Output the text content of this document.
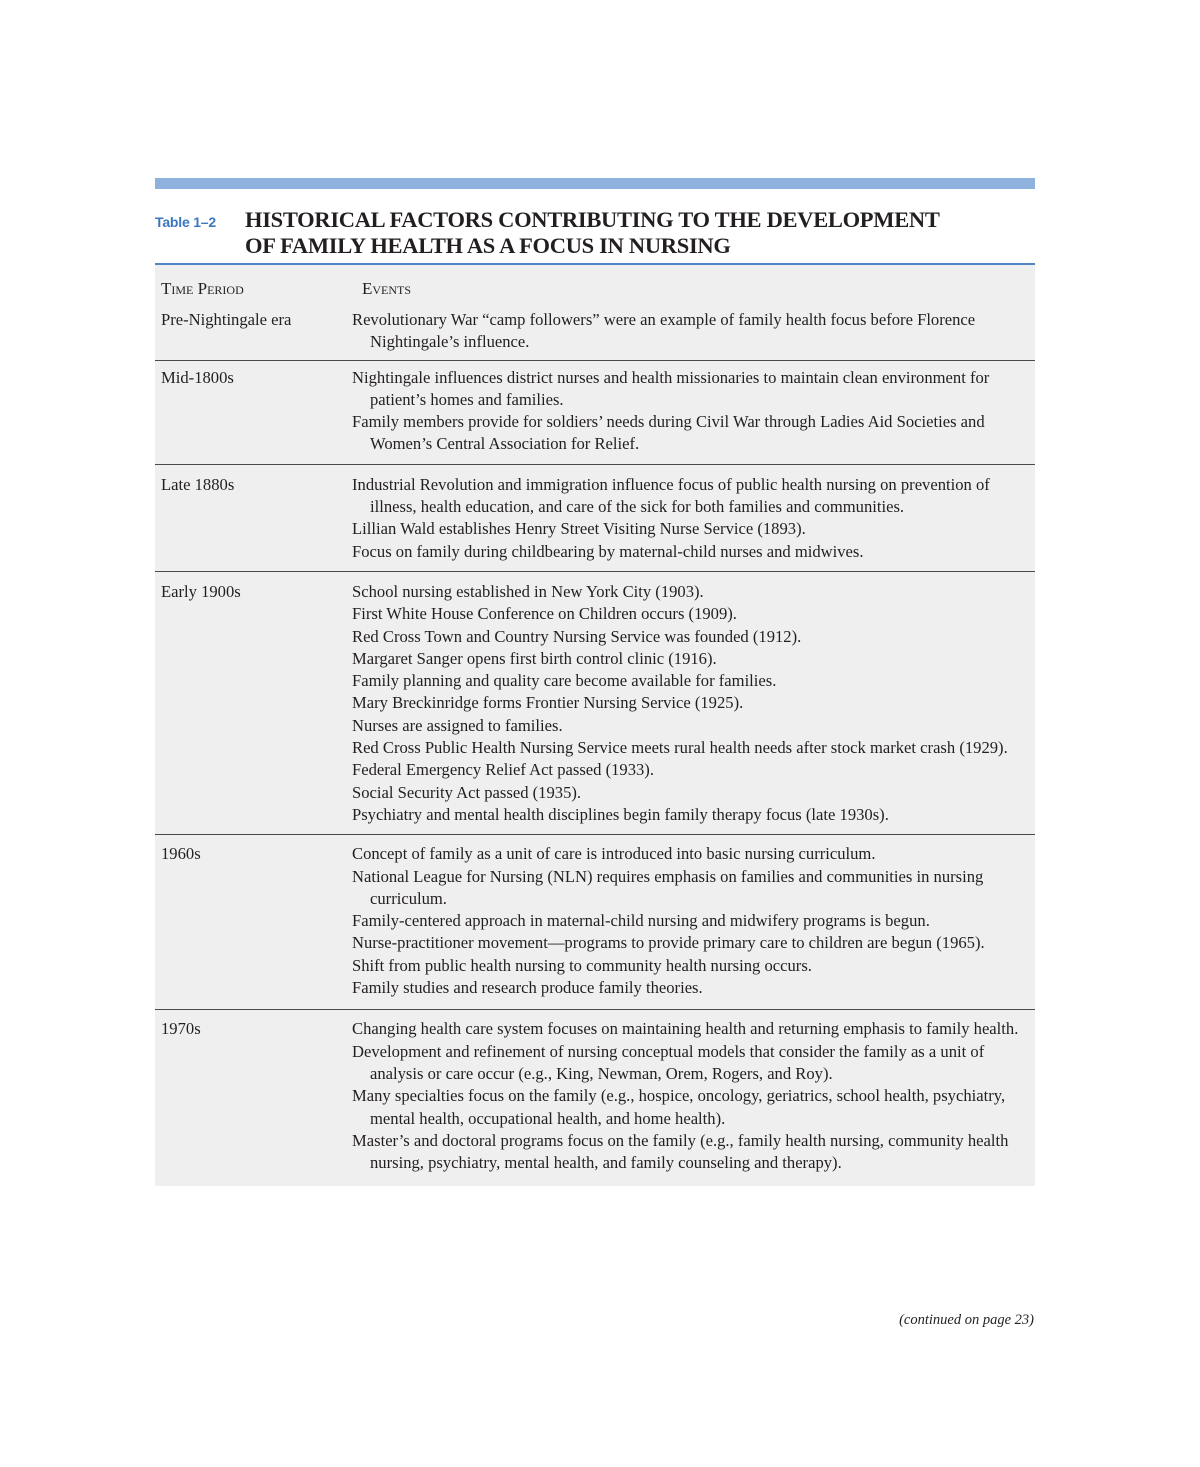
Table 1–2	HISTORICAL FACTORS CONTRIBUTING TO THE DEVELOPMENT
OF FAMILY HEALTH AS A FOCUS IN NURSING
Time Period	Events
Pre-Nightingale era	Revolutionary War “camp followers” were an example of family health focus before Florence Nightingale’s influence.
Mid-1800s	Nightingale influences district nurses and health missionaries to maintain clean environment for patient’s homes and families.
Family members provide for soldiers’ needs during Civil War through Ladies Aid Societies and Women’s Central Association for Relief.
Late 1880s	Industrial Revolution and immigration influence focus of public health nursing on prevention of illness, health education, and care of the sick for both families and communities.
Lillian Wald establishes Henry Street Visiting Nurse Service (1893).
Focus on family during childbearing by maternal-child nurses and midwives.
Early 1900s	School nursing established in New York City (1903).
First White House Conference on Children occurs (1909).
Red Cross Town and Country Nursing Service was founded (1912).
Margaret Sanger opens first birth control clinic (1916).
Family planning and quality care become available for families.
Mary Breckinridge forms Frontier Nursing Service (1925).
Nurses are assigned to families.
Red Cross Public Health Nursing Service meets rural health needs after stock market crash (1929).
Federal Emergency Relief Act passed (1933).
Social Security Act passed (1935).
Psychiatry and mental health disciplines begin family therapy focus (late 1930s).
1960s	Concept of family as a unit of care is introduced into basic nursing curriculum.
National League for Nursing (NLN) requires emphasis on families and communities in nursing curriculum.
Family-centered approach in maternal-child nursing and midwifery programs is begun.
Nurse-practitioner movement—programs to provide primary care to children are begun (1965).
Shift from public health nursing to community health nursing occurs.
Family studies and research produce family theories.
1970s	Changing health care system focuses on maintaining health and returning emphasis to family health.
Development and refinement of nursing conceptual models that consider the family as a unit of analysis or care occur (e.g., King, Newman, Orem, Rogers, and Roy).
Many specialties focus on the family (e.g., hospice, oncology, geriatrics, school health, psychiatry, mental health, occupational health, and home health).
Master’s and doctoral programs focus on the family (e.g., family health nursing, community health nursing, psychiatry, mental health, and family counseling and therapy).
(continued on page 23)
